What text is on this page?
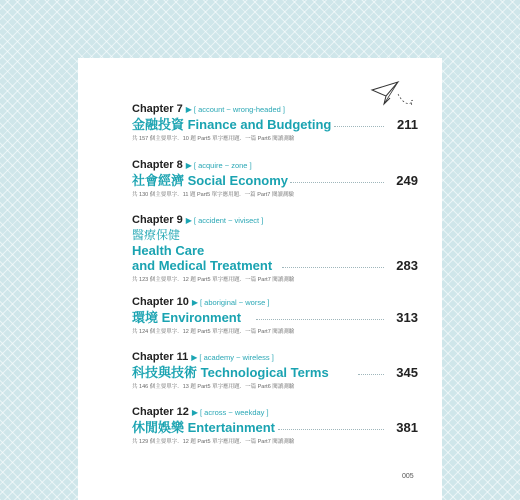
Chapter 7 ▶ [ account ~ wrong-headed ]
金融投資 Finance and Budgeting	211
共 157 個主要單字．10 題 Part5 單字應用題．一篇 Part6 閱讀測驗
Chapter 8 ▶ [ acquire ~ zone ]
社會經濟 Social Economy	249
共 130 個主要單字．11 題 Part5 單字應用題．一篇 Part7 閱讀測驗
Chapter 9 ▶ [ accident ~ vivisect ]
醫療保健
Health Care
and Medical Treatment	283
共 123 個主要單字．12 題 Part5 單字應用題．一篇 Part7 閱讀測驗
Chapter 10 ▶ [ aboriginal ~ worse ]
環境 Environment	313
共 124 個主要單字．12 題 Part5 單字應用題．一篇 Part7 閱讀測驗
Chapter 11 ▶ [ academy ~ wireless ]
科技與技術 Technological Terms	345
共 146 個主要單字．13 題 Part5 單字應用題．一篇 Part6 閱讀測驗
Chapter 12 ▶ [ across ~ weekday ]
休閒娛樂 Entertainment	381
共 129 個主要單字．12 題 Part5 單字應用題．一篇 Part7 閱讀測驗
005
